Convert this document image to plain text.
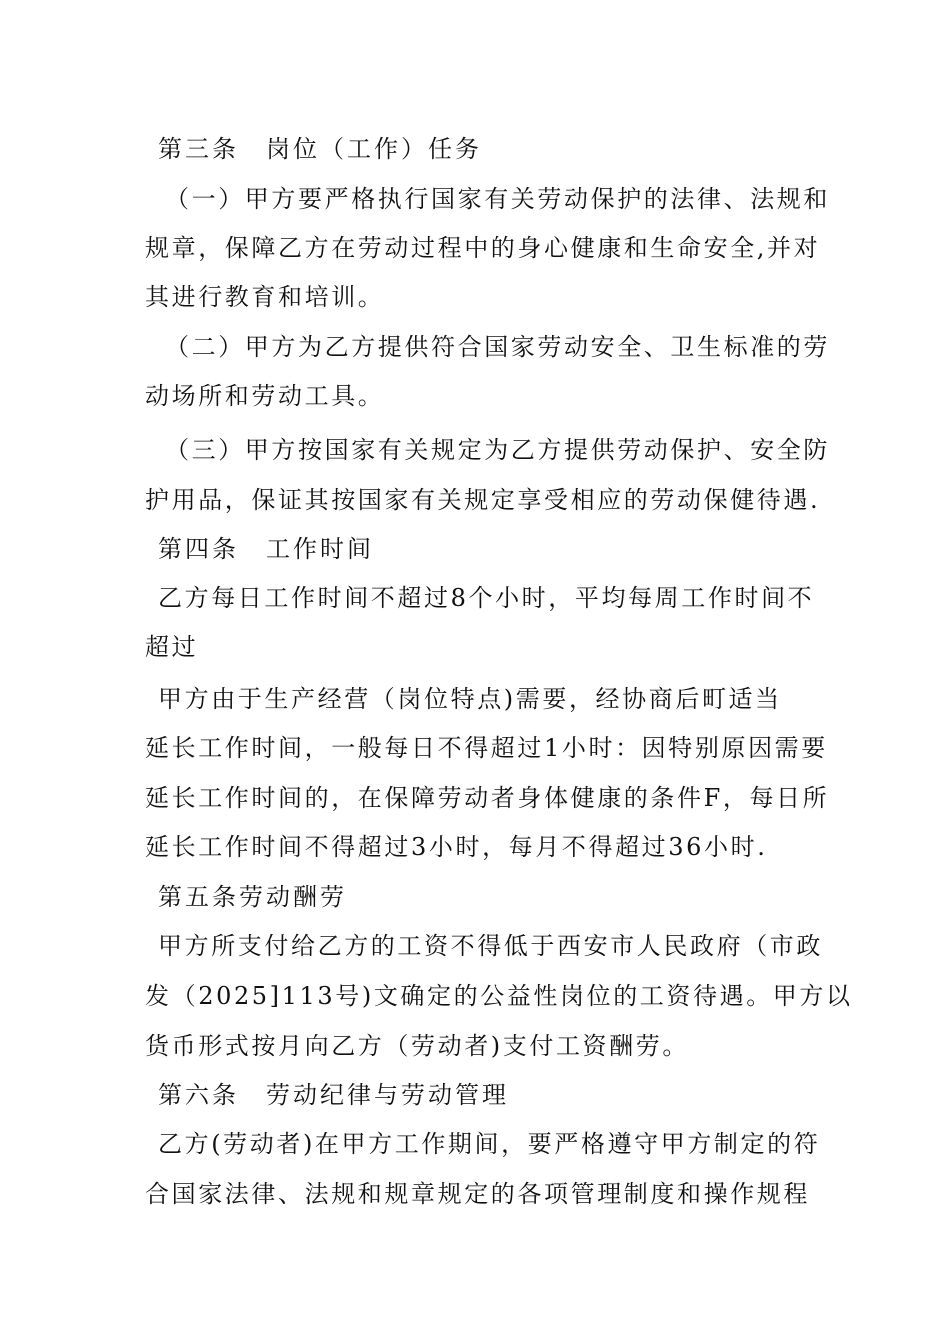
第三条　岗位（工作）任务
（一）甲方要严格执行国家有关劳动保护的法律、法规和
规章，保障乙方在劳动过程中的身心健康和生命安全,并对
其进行教育和培训。
（二）甲方为乙方提供符合国家劳动安全、卫生标准的劳
动场所和劳动工具。
（三）甲方按国家有关规定为乙方提供劳动保护、安全防
护用品，保证其按国家有关规定享受相应的劳动保健待遇.
第四条　工作时间
乙方每日工作时间不超过8个小时，平均每周工作时间不
超过
甲方由于生产经营（岗位特点)需要，经协商后町适当
延长工作时间，一般每日不得超过1小时：因特别原因需要
延长工作时间的，在保障劳动者身体健康的条件F，每日所
延长工作时间不得超过3小时，每月不得超过36小时.
第五条劳动酬劳
甲方所支付给乙方的工资不得低于西安市人民政府（市政
发（2025]113号)文确定的公益性岗位的工资待遇。甲方以
货币形式按月向乙方（劳动者)支付工资酬劳。
第六条　劳动纪律与劳动管理
乙方(劳动者)在甲方工作期间，要严格遵守甲方制定的符
合国家法律、法规和规章规定的各项管理制度和操作规程
